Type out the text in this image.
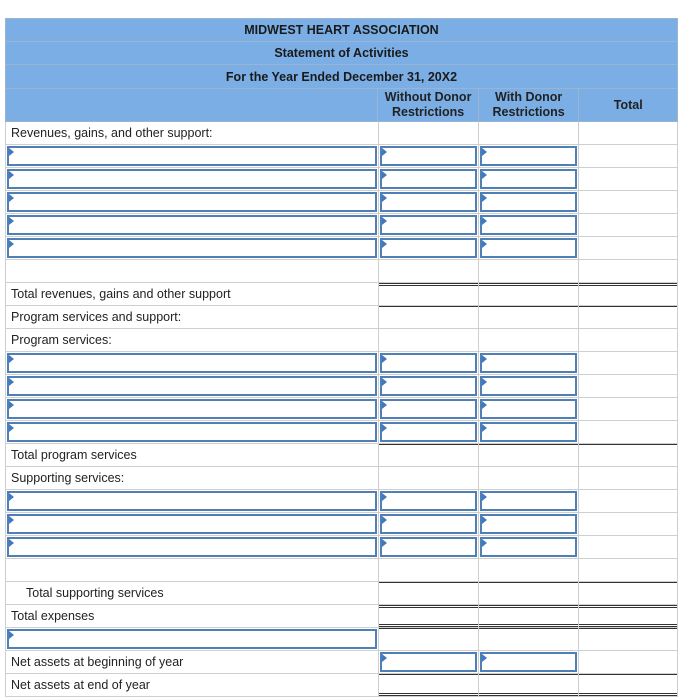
MIDWEST HEART ASSOCIATION
Statement of Activities
For the Year Ended December 31, 20X2
Without Donor
Restrictions
With Donor
Restrictions
Total
Revenues, gains, and other support:
Total revenues, gains and other support
Program services and support:
Program services:
Total program services
Supporting services:
Total supporting services
Total expenses
Net assets at beginning of year
Net assets at end of year
